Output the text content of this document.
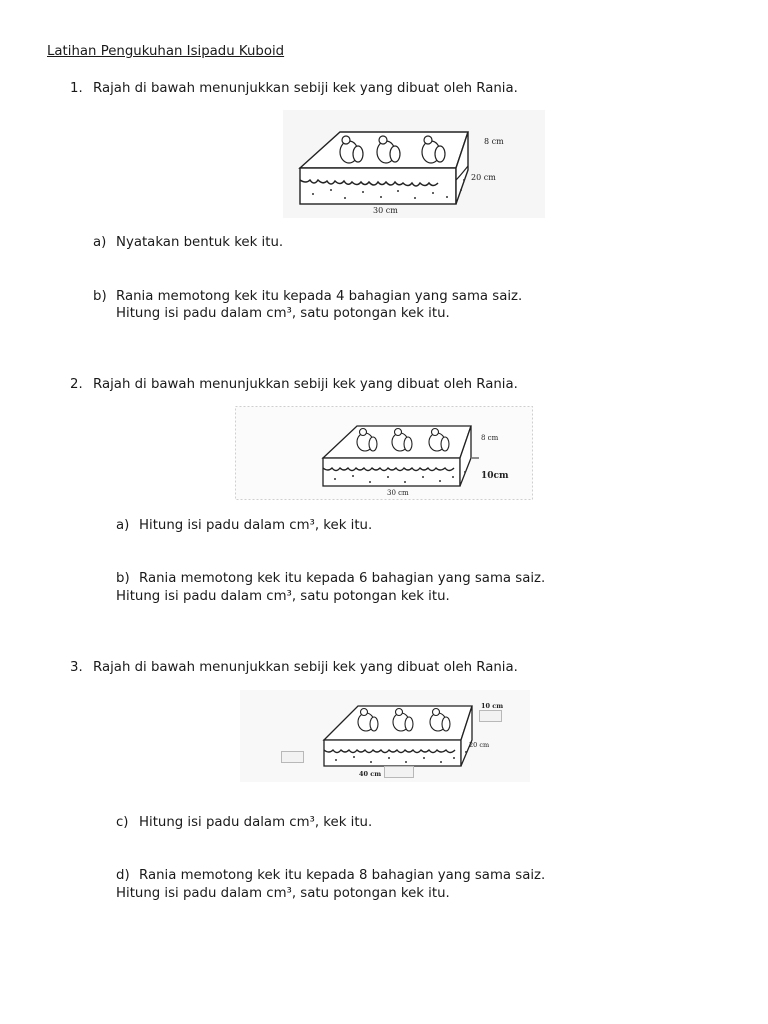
Latihan Pengukuhan Isipadu Kuboid
1. Rajah di bawah menunjukkan sebiji kek yang dibuat oleh Rania.
8 cm
20 cm
30 cm
a) Nyatakan bentuk kek itu.
b) Rania memotong kek itu kepada 4 bahagian yang sama saiz.
Hitung isi padu dalam cm³, satu potongan kek itu.
2. Rajah di bawah menunjukkan sebiji kek yang dibuat oleh Rania.
8 cm
10cm
30 cm
a) Hitung isi padu dalam cm³, kek itu.
b) Rania memotong kek itu kepada 6 bahagian yang sama saiz.
Hitung isi padu dalam cm³, satu potongan kek itu.
3. Rajah di bawah menunjukkan sebiji kek yang dibuat oleh Rania.
10 cm
20 cm
40 cm
c) Hitung isi padu dalam cm³, kek itu.
d) Rania memotong kek itu kepada 8 bahagian yang sama saiz.
Hitung isi padu dalam cm³, satu potongan kek itu.
